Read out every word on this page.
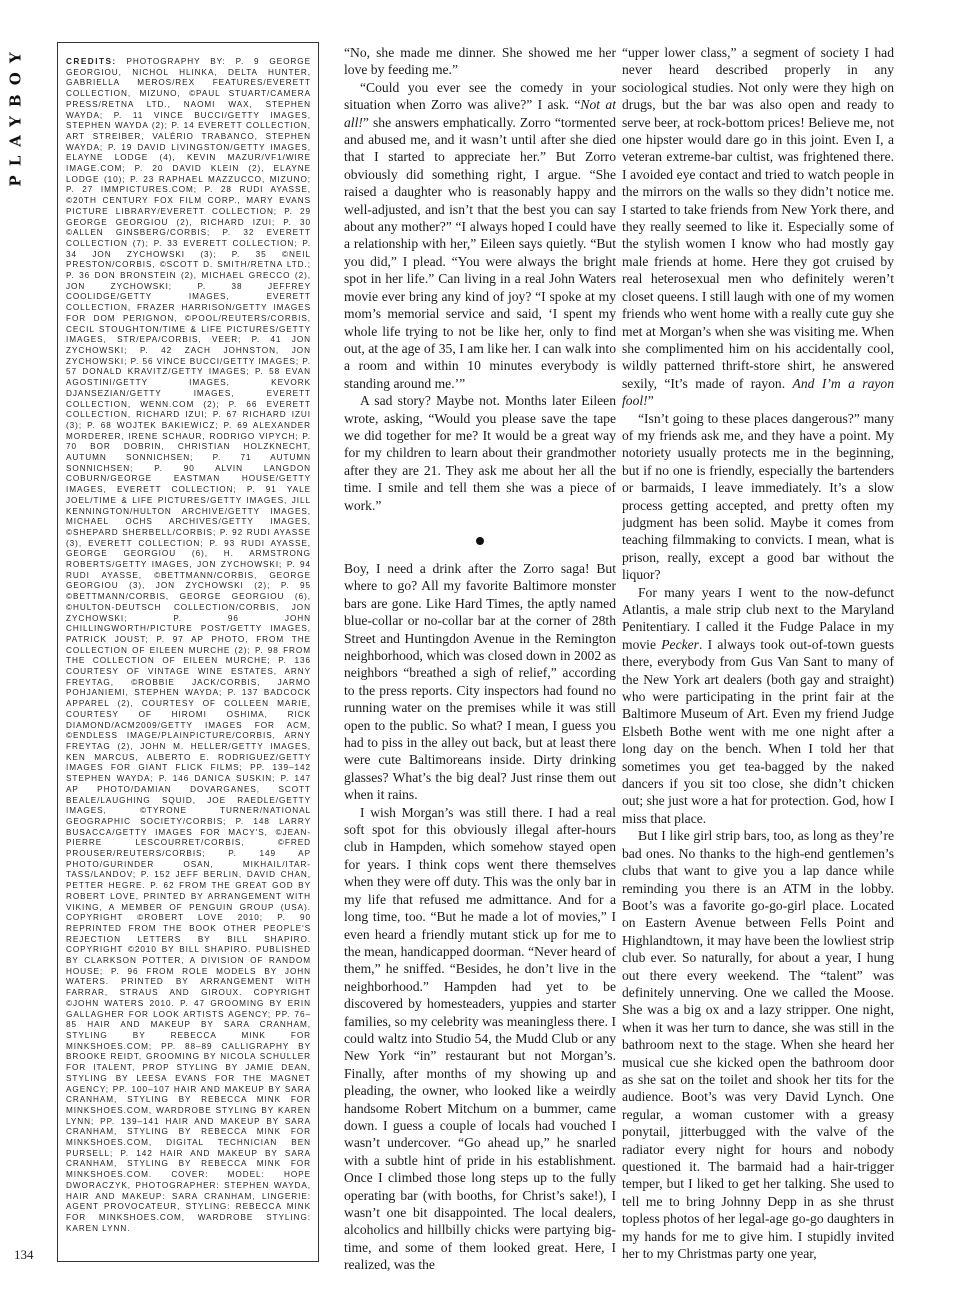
PLAYBOY	CREDITS: PHOTOGRAPHY BY: P. 9 GEORGE GEORGIOU, NICHOL HLINKA, DELTA HUNTER, GABRIELLA MEROS/REX FEATURES/EVERETT COLLECTION, MIZUNO, ©PAUL STUART/CAMERA PRESS/RETNA LTD., NAOMI WAX, STEPHEN WAYDA; P. 11 VINCE BUCCI/GETTY IMAGES, STEPHEN WAYDA (2); P. 14 EVERETT COLLECTION, ART STREIBER, VALÉRIO TRABANCO, STEPHEN WAYDA; P. 19 DAVID LIVINGSTON/GETTY IMAGES, ELAYNE LODGE (4), KEVIN MAZUR/VF1/WIRE IMAGE.COM; P. 20 DAVID KLEIN (2), ELAYNE LODGE (10); P. 23 RAPHAEL MAZZUCCO, MIZUNO; P. 27 IMMPICTURES.COM; P. 28 RUDI AYASSE, ©20TH CENTURY FOX FILM CORP., MARY EVANS PICTURE LIBRARY/EVERETT COLLECTION; P. 29 GEORGE GEORGIOU (2), RICHARD IZUI; P. 30 ©ALLEN GINSBERG/CORBIS; P. 32 EVERETT COLLECTION (7); P. 33 EVERETT COLLECTION; P. 34 JON ZYCHOWSKI (3); P. 35 ©NEIL PRESTON/CORBIS, ©SCOTT D. SMITH/RETNA LTD.; P. 36 DON BRONSTEIN (2), MICHAEL GRECCO (2), JON ZYCHOWSKI; P. 38 JEFFREY COOLIDGE/GETTY IMAGES, EVERETT COLLECTION, FRAZER HARRISON/GETTY IMAGES FOR DOM PERIGNON, ©POOL/REUTERS/CORBIS, CECIL STOUGHTON/TIME & LIFE PICTURES/GETTY IMAGES, STR/EPA/CORBIS, VEER; P. 41 JON ZYCHOWSKI; P. 42 ZACH JOHNSTON, JON ZYCHOWSKI; P. 56 VINCE BUCCI/GETTY IMAGES; P. 57 DONALD KRAVITZ/GETTY IMAGES; P. 58 EVAN AGOSTINI/GETTY IMAGES, KEVORK DJANSEZIAN/GETTY IMAGES, EVERETT COLLECTION, WENN.COM (2); P. 66 EVERETT COLLECTION, RICHARD IZUI; P. 67 RICHARD IZUI (3); P. 68 WOJTEK BAKIEWICZ; P. 69 ALEXANDER MORDERER, IRENE SCHAUR, RODRIGO VIPYCH; P. 70 BOR DOBRIN, CHRISTIAN HOLZKNECHT, AUTUMN SONNICHSEN; P. 71 AUTUMN SONNICHSEN; P. 90 ALVIN LANGDON COBURN/GEORGE EASTMAN HOUSE/GETTY IMAGES, EVERETT COLLECTION; P. 91 YALE JOEL/TIME & LIFE PICTURES/GETTY IMAGES, JILL KENNINGTON/HULTON ARCHIVE/GETTY IMAGES, MICHAEL OCHS ARCHIVES/GETTY IMAGES, ©SHEPARD SHERBELL/CORBIS; P. 92 RUDI AYASSE (3), EVERETT COLLECTION; P. 93 RUDI AYASSE, GEORGE GEORGIOU (6), H. ARMSTRONG ROBERTS/GETTY IMAGES, JON ZYCHOWSKI; P. 94 RUDI AYASSE, ©BETTMANN/CORBIS, GEORGE GEORGIOU (3), JON ZYCHOWSKI (2); P. 95 ©BETTMANN/CORBIS, GEORGE GEORGIOU (6), ©HULTON-DEUTSCH COLLECTION/CORBIS, JON ZYCHOWSKI; P. 96 JOHN CHILLINGWORTH/PICTURE POST/GETTY IMAGES, PATRICK JOUST; P. 97 AP PHOTO, FROM THE COLLECTION OF EILEEN MURCHE (2); P. 98 FROM THE COLLECTION OF EILEEN MURCHE; P. 136 COURTESY OF VINTAGE WINE ESTATES, ARNY FREYTAG, ©ROBBIE JACK/CORBIS, JARMO POHJANIEMI, STEPHEN WAYDA; P. 137 BADCOCK APPAREL (2), COURTESY OF COLLEEN MARIE, COURTESY OF HIROMI OSHIMA, RICK DIAMOND/ACM2009/GETTY IMAGES FOR ACM, ©ENDLESS IMAGE/PLAINPICTURE/CORBIS, ARNY FREYTAG (2), JOHN M. HELLER/GETTY IMAGES, KEN MARCUS, ALBERTO E. RODRIGUEZ/GETTY IMAGES FOR GIANT FLICK FILMS; PP. 139–142 STEPHEN WAYDA; P. 146 DANICA SUSKIN; P. 147 AP PHOTO/DAMIAN DOVARGANES, SCOTT BEALE/LAUGHING SQUID, JOE RAEDLE/GETTY IMAGES, ©TYRONE TURNER/NATIONAL GEOGRAPHIC SOCIETY/CORBIS; P. 148 LARRY BUSACCA/GETTY IMAGES FOR MACY'S, ©JEAN-PIERRE LESCOURRET/CORBIS, ©FRED PROUSER/REUTERS/CORBIS; P. 149 AP PHOTO/GURINDER OSAN, MIKHAIL/ITAR-TASS/LANDOV; P. 152 JEFF BERLIN, DAVID CHAN, PETTER HEGRE. P. 62 FROM THE GREAT GOD BY ROBERT LOVE, PRINTED BY ARRANGEMENT WITH VIKING, A MEMBER OF PENGUIN GROUP (USA). COPYRIGHT ©ROBERT LOVE 2010; P. 90 REPRINTED FROM THE BOOK OTHER PEOPLE'S REJECTION LETTERS BY BILL SHAPIRO. COPYRIGHT ©2010 BY BILL SHAPIRO. PUBLISHED BY CLARKSON POTTER, A DIVISION OF RANDOM HOUSE; P. 96 FROM ROLE MODELS BY JOHN WATERS. PRINTED BY ARRANGEMENT WITH FARRAR, STRAUS AND GIROUX. COPYRIGHT ©JOHN WATERS 2010. P. 47 GROOMING BY ERIN GALLAGHER FOR LOOK ARTISTS AGENCY; PP. 76–85 HAIR AND MAKEUP BY SARA CRANHAM, STYLING BY REBECCA MINK FOR MINKSHOES.COM; PP. 88–89 CALLIGRAPHY BY BROOKE REIDT, GROOMING BY NICOLA SCHULLER FOR ITALENT, PROP STYLING BY JAMIE DEAN, STYLING BY LEESA EVANS FOR THE MAGNET AGENCY; PP. 100–107 HAIR AND MAKEUP BY SARA CRANHAM, STYLING BY REBECCA MINK FOR MINKSHOES.COM, WARDROBE STYLING BY KAREN LYNN; PP. 139–141 HAIR AND MAKEUP BY SARA CRANHAM, STYLING BY REBECCA MINK FOR MINKSHOES.COM, DIGITAL TECHNICIAN BEN PURSELL; P. 142 HAIR AND MAKEUP BY SARA CRANHAM, STYLING BY REBECCA MINK FOR MINKSHOES.COM. COVER: MODEL: HOPE DWORACZYK, PHOTOGRAPHER: STEPHEN WAYDA, HAIR AND MAKEUP: SARA CRANHAM, LINGERIE: AGENT PROVOCATEUR, STYLING: REBECCA MINK FOR MINKSHOES.COM, WARDROBE STYLING: KAREN LYNN.

134

“No, she made me dinner. She showed me her love by feeding me.”

“Could you ever see the comedy in your situation when Zorro was alive?” I ask. “Not at all!” she answers emphatically. Zorro “tormented and abused me, and it wasn’t until after she died that I started to appreciate her.” But Zorro obviously did something right, I argue. “She raised a daughter who is reasonably happy and well-adjusted, and isn’t that the best you can say about any mother?” “I always hoped I could have a relationship with her,” Eileen says quietly. “But you did,” I plead. “You were always the bright spot in her life.” Can living in a real John Waters movie ever bring any kind of joy? “I spoke at my mom’s memorial service and said, ‘I spent my whole life trying to not be like her, only to find out, at the age of 35, I am like her. I can walk into a room and within 10 minutes everybody is standing around me.’”

A sad story? Maybe not. Months later Eileen wrote, asking, “Would you please save the tape we did together for me? It would be a great way for my children to learn about their grandmother after they are 21. They ask me about her all the time. I smile and tell them she was a piece of work.”

Boy, I need a drink after the Zorro saga! But where to go? All my favorite Baltimore monster bars are gone. Like Hard Times, the aptly named blue-collar or no-collar bar at the corner of 28th Street and Huntingdon Avenue in the Remington neighborhood, which was closed down in 2002 as neighbors “breathed a sigh of relief,” according to the press reports. City inspectors had found no running water on the premises while it was still open to the public. So what? I mean, I guess you had to piss in the alley out back, but at least there were cute Baltimoreans inside. Dirty drinking glasses? What’s the big deal? Just rinse them out when it rains.

I wish Morgan’s was still there. I had a real soft spot for this obviously illegal after-hours club in Hampden, which somehow stayed open for years. I think cops went there themselves when they were off duty. This was the only bar in my life that refused me admittance. And for a long time, too. “But he made a lot of movies,” I even heard a friendly mutant stick up for me to the mean, handicapped doorman. “Never heard of them,” he sniffed. “Besides, he don’t live in the neighborhood.” Hampden had yet to be discovered by homesteaders, yuppies and starter families, so my celebrity was meaningless there. I could waltz into Studio 54, the Mudd Club or any New York “in” restaurant but not Morgan’s. Finally, after months of my showing up and pleading, the owner, who looked like a weirdly handsome Robert Mitchum on a bummer, came down. I guess a couple of locals had vouched I wasn’t undercover. “Go ahead up,” he snarled with a subtle hint of pride in his establishment. Once I climbed those long steps up to the fully operating bar (with booths, for Christ’s sake!), I wasn’t one bit disappointed. The local dealers, alcoholics and hillbilly chicks were partying big-time, and some of them looked great. Here, I realized, was the

“upper lower class,” a segment of society I had never heard described properly in any sociological studies. Not only were they high on drugs, but the bar was also open and ready to serve beer, at rock-bottom prices! Believe me, not one hipster would dare go in this joint. Even I, a veteran extreme-bar cultist, was frightened there. I avoided eye contact and tried to watch people in the mirrors on the walls so they didn’t notice me. I started to take friends from New York there, and they really seemed to like it. Especially some of the stylish women I know who had mostly gay male friends at home. Here they got cruised by real heterosexual men who definitely weren’t closet queens. I still laugh with one of my women friends who went home with a really cute guy she met at Morgan’s when she was visiting me. When she complimented him on his accidentally cool, wildly patterned thrift-store shirt, he answered sexily, “It’s made of rayon. And I’m a rayon fool!”

“Isn’t going to these places dangerous?” many of my friends ask me, and they have a point. My notoriety usually protects me in the beginning, but if no one is friendly, especially the bartenders or barmaids, I leave immediately. It’s a slow process getting accepted, and pretty often my judgment has been solid. Maybe it comes from teaching filmmaking to convicts. I mean, what is prison, really, except a good bar without the liquor?

For many years I went to the now-defunct Atlantis, a male strip club next to the Maryland Penitentiary. I called it the Fudge Palace in my movie Pecker. I always took out-of-town guests there, everybody from Gus Van Sant to many of the New York art dealers (both gay and straight) who were participating in the print fair at the Baltimore Museum of Art. Even my friend Judge Elsbeth Bothe went with me one night after a long day on the bench. When I told her that sometimes you get tea-bagged by the naked dancers if you sit too close, she didn’t chicken out; she just wore a hat for protection. God, how I miss that place.

But I like girl strip bars, too, as long as they’re bad ones. No thanks to the high-end gentlemen’s clubs that want to give you a lap dance while reminding you there is an ATM in the lobby. Boot’s was a favorite go-go-girl place. Located on Eastern Avenue between Fells Point and Highlandtown, it may have been the lowliest strip club ever. So naturally, for about a year, I hung out there every weekend. The “talent” was definitely unnerving. One we called the Moose. She was a big ox and a lazy stripper. One night, when it was her turn to dance, she was still in the bathroom next to the stage. When she heard her musical cue she kicked open the bathroom door as she sat on the toilet and shook her tits for the audience. Boot’s was very David Lynch. One regular, a woman customer with a greasy ponytail, jitterbugged with the valve of the radiator every night for hours and nobody questioned it. The barmaid had a hair-trigger temper, but I liked to get her talking. She used to tell me to bring Johnny Depp in as she thrust topless photos of her legal-age go-go daughters in my hands for me to give him. I stupidly invited her to my Christmas party one year,
